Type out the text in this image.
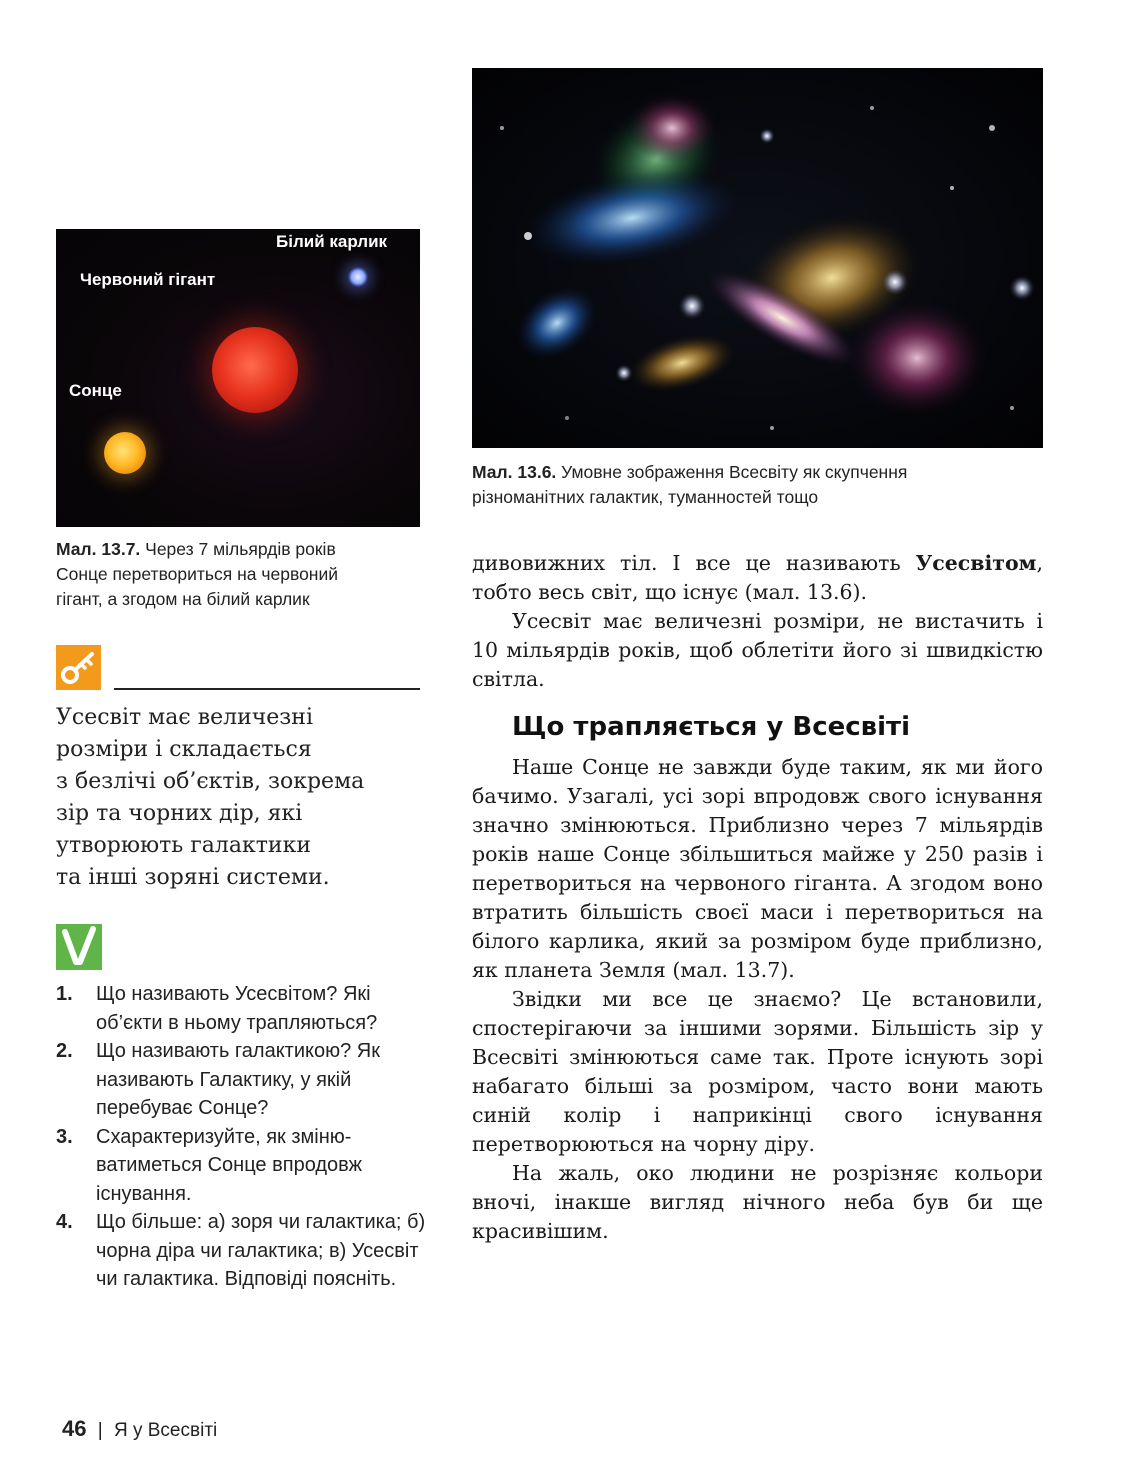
Білий карлик
Червоний гігант
Сонце
Мал. 13.7. Через 7 мільярдів років
Сонце перетвориться на червоний
гігант, а згодом на білий карлик
Мал. 13.6. Умовне зображення Всесвіту як скупчення
різноманітних галактик, туманностей тощо

дивовижних тіл. І все це називають Усесвітом, тобто весь світ, що існує (мал. 13.6).

Усесвіт має величезні розміри, не вистачить і 10 мільярдів років, щоб облетіти його зі швидкістю світла.

Що трапляється у Всесвіті

Наше Сонце не завжди буде таким, як ми його бачимо. Узагалі, усі зорі впродовж свого існування значно змінюються. Приблизно через 7 мільярдів років наше Сонце збільшиться майже у 250 разів і перетвориться на червоного гіганта. А згодом воно втратить більшість своєї маси і перетвориться на білого карлика, який за розміром буде приблизно, як планета Земля (мал. 13.7).

Звідки ми все це знаємо? Це встановили, спостерігаючи за іншими зорями. Більшість зір у Всесвіті змінюються саме так. Проте існують зорі набагато більші за розміром, часто вони мають синій колір і наприкінці свого існування перетворюються на чорну діру.

На жаль, око людини не розрізняє кольори вночі, інакше вигляд нічного неба був би ще красивішим.

Усесвіт має величезні
розміри і складається
з безлічі об’єктів, зокрема
зір та чорних дір, які
утворюють галактики
та інші зоряні системи.
1. Що називають Усесвітом? Які об’єкти в ньому трапляються?
2. Що називають галактикою? Як називають Галактику, у якій перебуває Сонце?
3. Схарактеризуйте, як змінюватиметься Сонце впродовж існування.
4. Що більше: а) зоря чи галактика; б) чорна діра чи галактика; в) Усесвіт чи галактика. Відповіді поясніть.
46 | Я у Всесвіті
